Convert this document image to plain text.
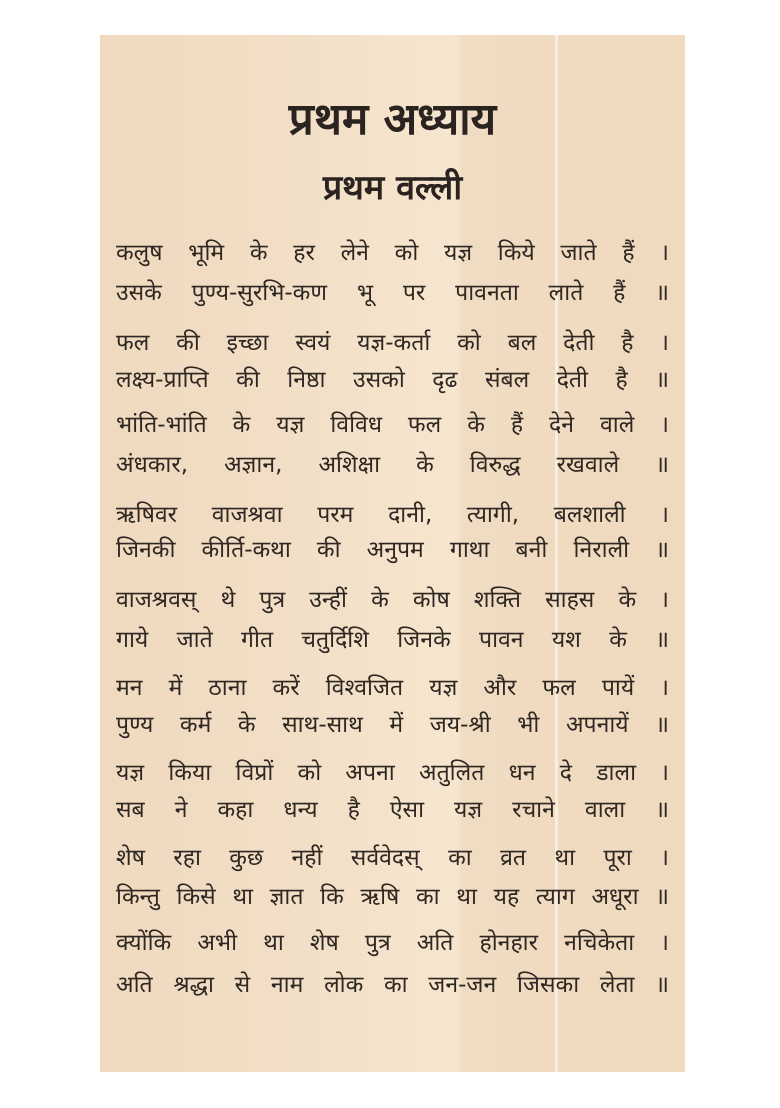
प्रथम अध्याय
प्रथम वल्ली
कलुष भूमि के हर लेने को यज्ञ किये जाते हैं ।
उसके पुण्य-सुरभि-कण भू पर पावनता लाते हैं ॥
फल की इच्छा स्वयं यज्ञ-कर्ता को बल देती है ।
लक्ष्य-प्राप्ति की निष्ठा उसको दृढ संबल देती है ॥
भांति-भांति के यज्ञ विविध फल के हैं देने वाले ।
अंधकार, अज्ञान, अशिक्षा के विरुद्ध रखवाले ॥
ऋषिवर वाजश्रवा परम दानी, त्यागी, बलशाली ।
जिनकी कीर्ति-कथा की अनुपम गाथा बनी निराली ॥
वाजश्रवस् थे पुत्र उन्हीं के कोष शक्ति साहस के ।
गाये जाते गीत चतुर्दिशि जिनके पावन यश के ॥
मन में ठाना करें विश्वजित यज्ञ और फल पायें ।
पुण्य कर्म के साथ-साथ में जय-श्री भी अपनायें ॥
यज्ञ किया विप्रों को अपना अतुलित धन दे डाला ।
सब ने कहा धन्य है ऐसा यज्ञ रचाने वाला ॥
शेष रहा कुछ नहीं सर्ववेदस् का व्रत था पूरा ।
किन्तु किसे था ज्ञात कि ऋषि का था यह त्याग अधूरा ॥
क्योंकि अभी था शेष पुत्र अति होनहार नचिकेता ।
अति श्रद्धा से नाम लोक का जन-जन जिसका लेता ॥
